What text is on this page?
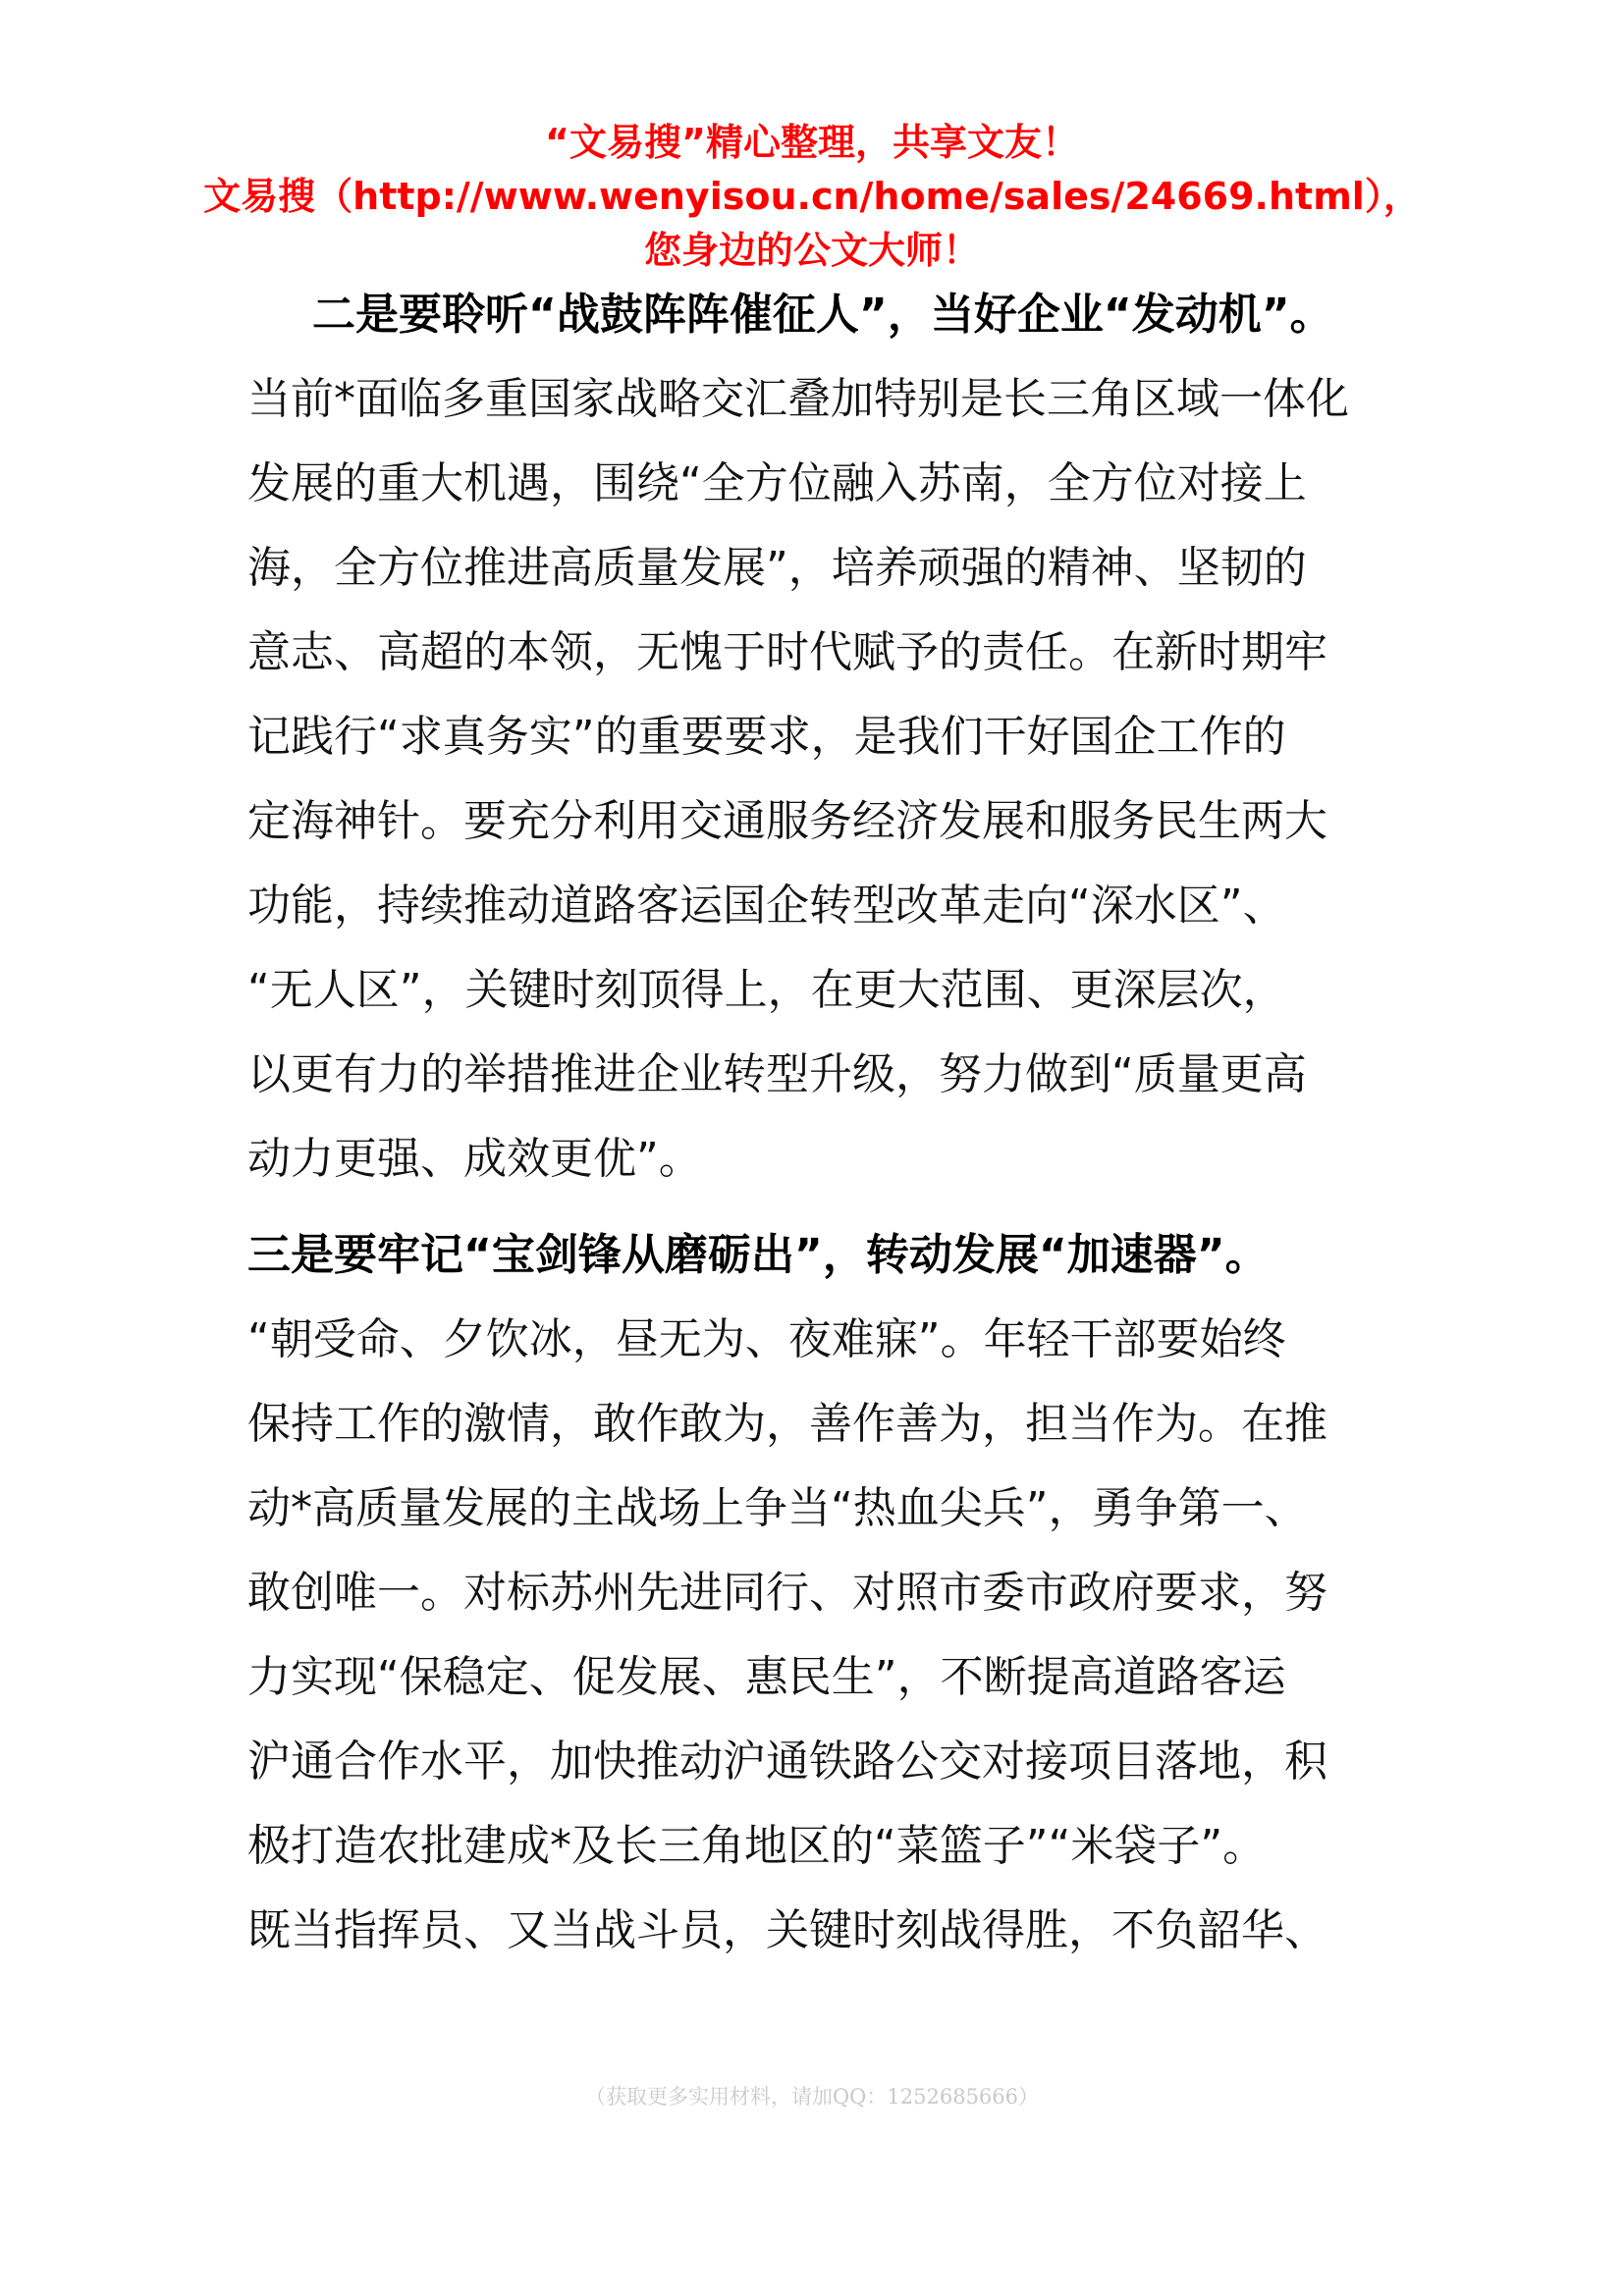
“文易搜”精心整理，共享文友！
文易搜（http://www.wenyisou.cn/home/sales/24669.html），
您身边的公文大师！
二是要聆听“战鼓阵阵催征人”，当好企业“发动机”。
当前*面临多重国家战略交汇叠加特别是长三角区域一体化
发展的重大机遇，围绕“全方位融入苏南，全方位对接上
海，全方位推进高质量发展”，培养顽强的精神、坚韧的
意志、高超的本领，无愧于时代赋予的责任。在新时期牢
记践行“求真务实”的重要要求，是我们干好国企工作的
定海神针。要充分利用交通服务经济发展和服务民生两大
功能，持续推动道路客运国企转型改革走向“深水区”、
“无人区”，关键时刻顶得上，在更大范围、更深层次，
以更有力的举措推进企业转型升级，努力做到“质量更高
动力更强、成效更优”。
三是要牢记“宝剑锋从磨砺出”，转动发展“加速器”。
“朝受命、夕饮冰，昼无为、夜难寐”。年轻干部要始终
保持工作的激情，敢作敢为，善作善为，担当作为。在推
动*高质量发展的主战场上争当“热血尖兵”，勇争第一、
敢创唯一。对标苏州先进同行、对照市委市政府要求，努
力实现“保稳定、促发展、惠民生”，不断提高道路客运
沪通合作水平，加快推动沪通铁路公交对接项目落地，积
极打造农批建成*及长三角地区的“菜篮子”“米袋子”。
既当指挥员、又当战斗员，关键时刻战得胜，不负韶华、
（获取更多实用材料，请加QQ：1252685666）
